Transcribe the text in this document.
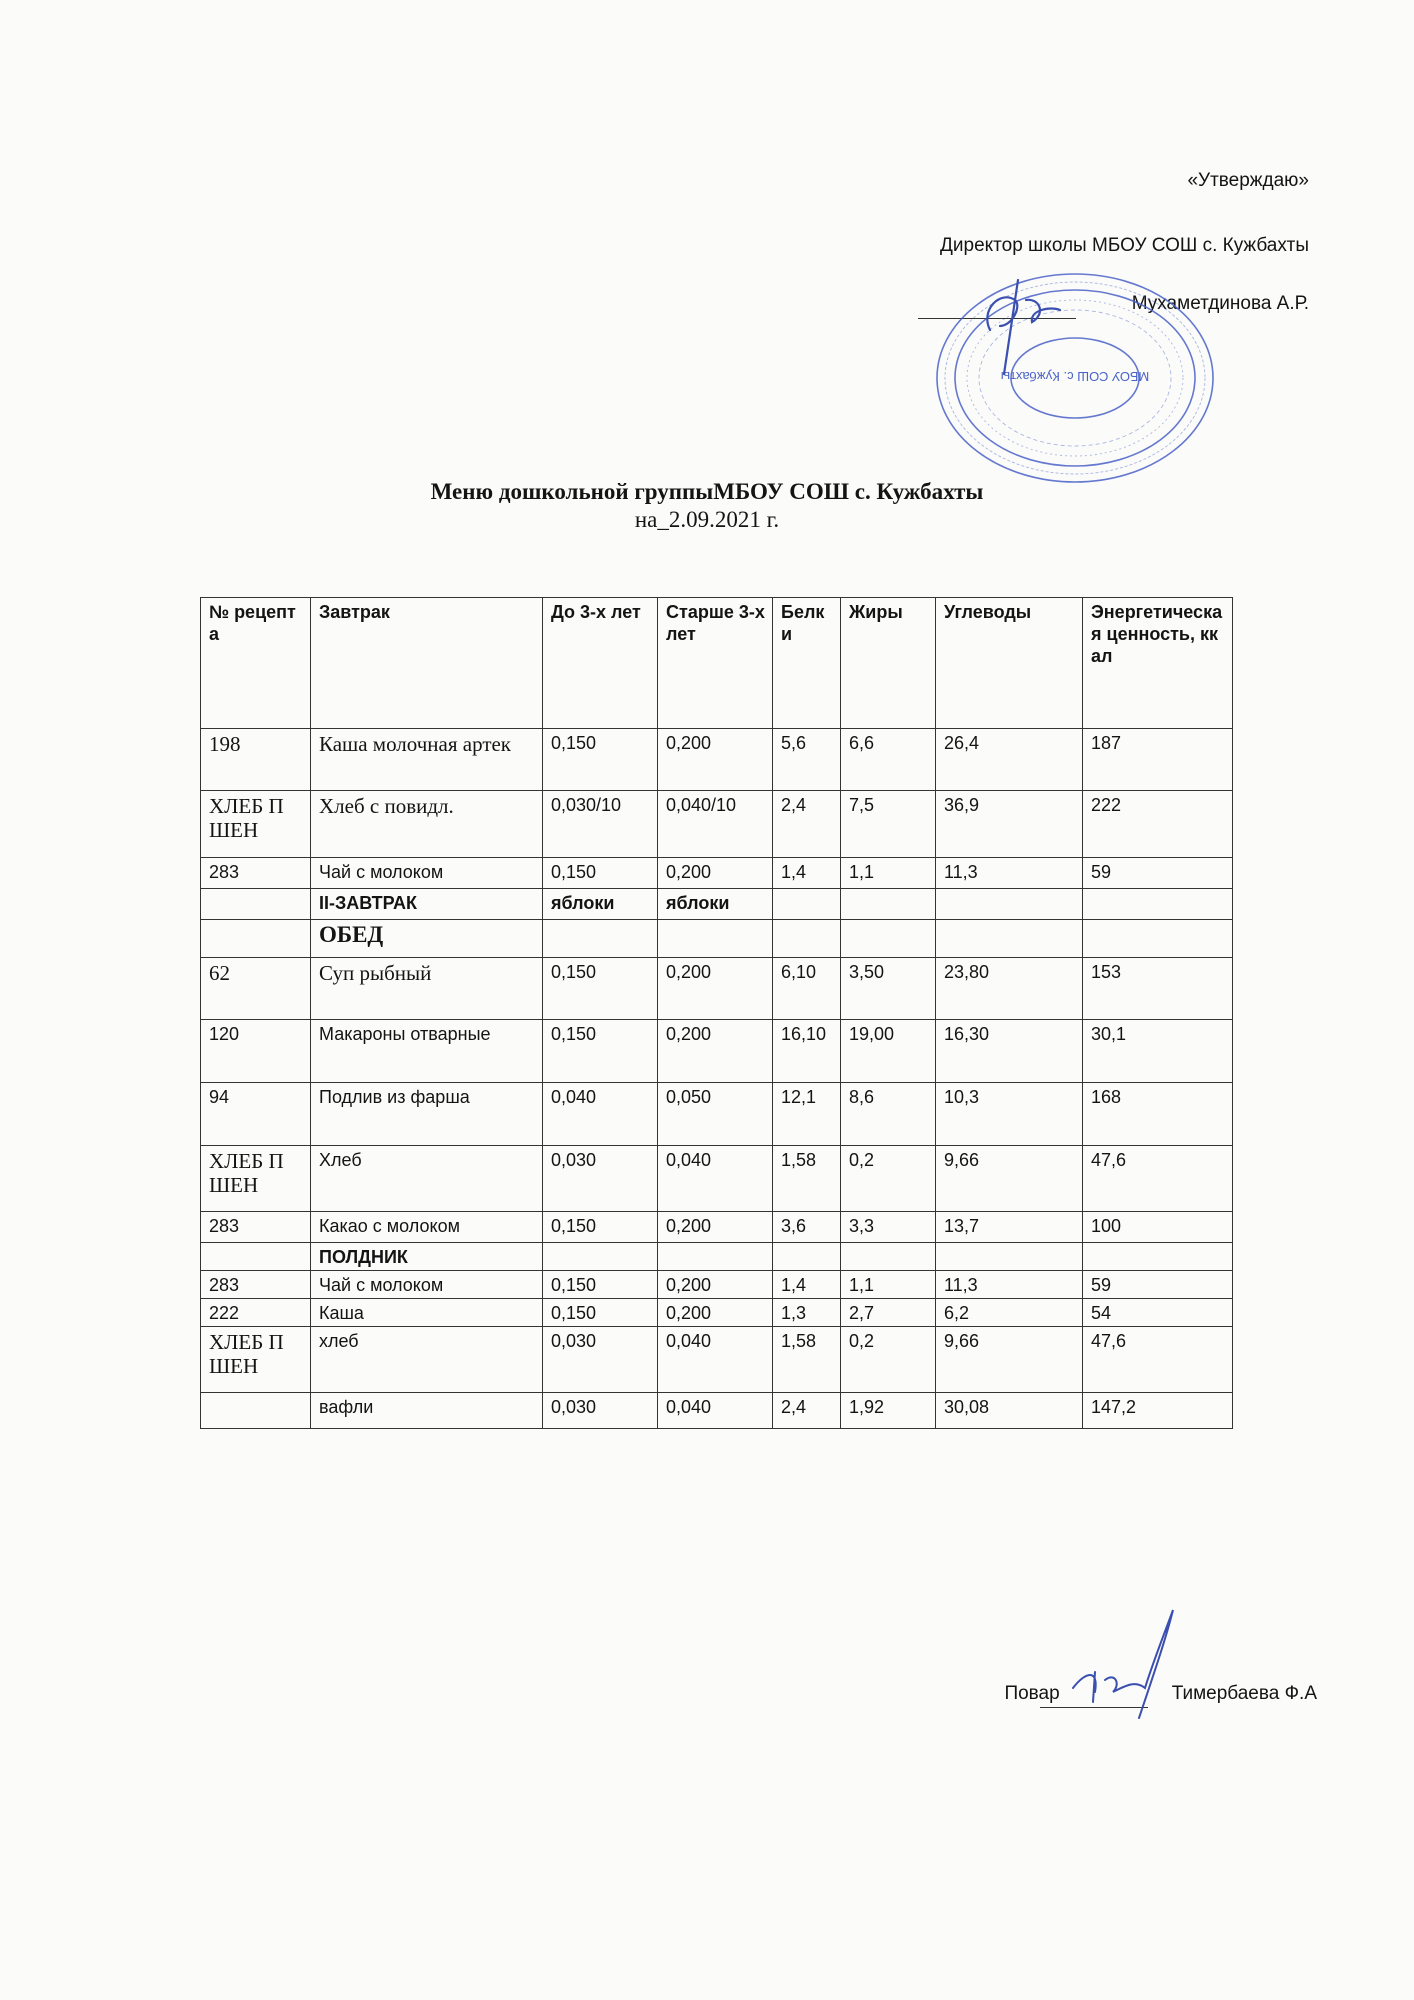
«Утверждаю»
Директор школы МБОУ СОШ с. Кужбахты
Мухаметдинова А.Р.
МБОУ СОШ с. Кужбахты
Меню дошкольной группыМБОУ СОШ с. Кужбахты
на_2.09.2021 г.
№ рецепта	Завтрак	До 3-х лет	Старше 3-х лет	Белки	Жиры	Углеводы	Энергетическая ценность, ккал
198	Каша молочная артек	0,150	0,200	5,6	6,6	26,4	187
ХЛЕБ ПШЕН	Хлеб с повидл.	0,030/10	0,040/10	2,4	7,5	36,9	222
283	Чай с молоком	0,150	0,200	1,4	1,1	11,3	59
	II-ЗАВТРАК	яблоки	яблоки				
	ОБЕД						
62	Суп рыбный	0,150	0,200	6,10	3,50	23,80	153
120	Макароны отварные	0,150	0,200	16,10	19,00	16,30	30,1
94	Подлив из фарша	0,040	0,050	12,1	8,6	10,3	168
ХЛЕБ ПШЕН	Хлеб	0,030	0,040	1,58	0,2	9,66	47,6
283	Какао с молоком	0,150	0,200	3,6	3,3	13,7	100
	ПОЛДНИК						
283	Чай с молоком	0,150	0,200	1,4	1,1	11,3	59
222	Каша	0,150	0,200	1,3	2,7	6,2	54
ХЛЕБ ПШЕН	хлеб	0,030	0,040	1,58	0,2	9,66	47,6
	вафли	0,030	0,040	2,4	1,92	30,08	147,2
Повар	Тимербаева Ф.А
